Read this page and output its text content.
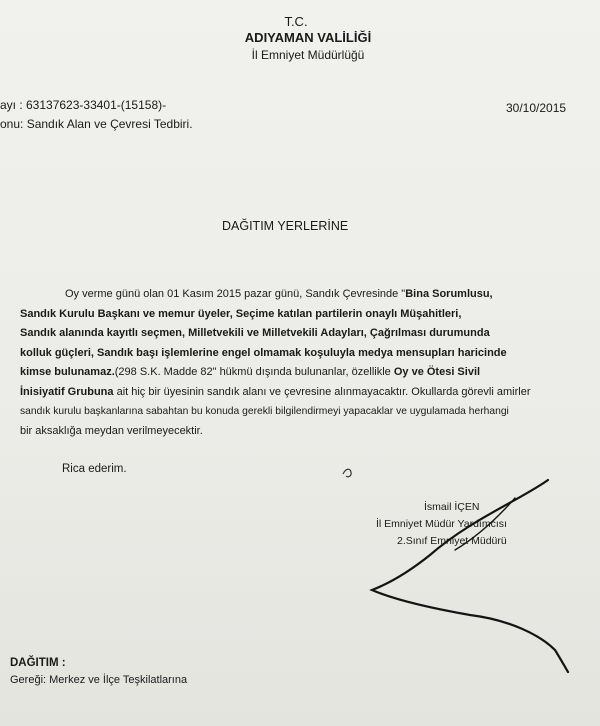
T.C.
ADIYAMAN VALİLİĞİ
İl Emniyet Müdürlüğü
ayı : 63137623-33401-(15158)-
onu: Sandık Alan ve Çevresi Tedbiri.
30/10/2015
DAĞITIM YERLERİNE
Oy verme günü olan 01 Kasım 2015 pazar günü, Sandık Çevresinde "Bina Sorumlusu,
Sandık Kurulu Başkanı ve memur üyeler, Seçime katılan partilerin onaylı Müşahitleri,
Sandık alanında kayıtlı seçmen, Milletvekili ve Milletvekili Adayları, Çağrılması durumunda
kolluk güçleri, Sandık başı işlemlerine engel olmamak koşuluyla medya mensupları haricinde
kimse bulunamaz.(298 S.K. Madde 82" hükmü dışında bulunanlar, özellikle Oy ve Ötesi Sivil
İnisiyatif Grubuna ait hiç bir üyesinin sandık alanı ve çevresine alınmayacaktır. Okullarda görevli amirler
sandık kurulu başkanlarına sabahtan bu konuda gerekli bilgilendirmeyi yapacaklar ve uygulamada herhangi
bir aksaklığa meydan verilmeyecektir.
Rica ederim.
İsmail İÇEN
İl Emniyet Müdür Yardımcısı
2.Sınıf Emniyet Müdürü
DAĞITIM :
Gereği: Merkez ve İlçe Teşkilatlarına
